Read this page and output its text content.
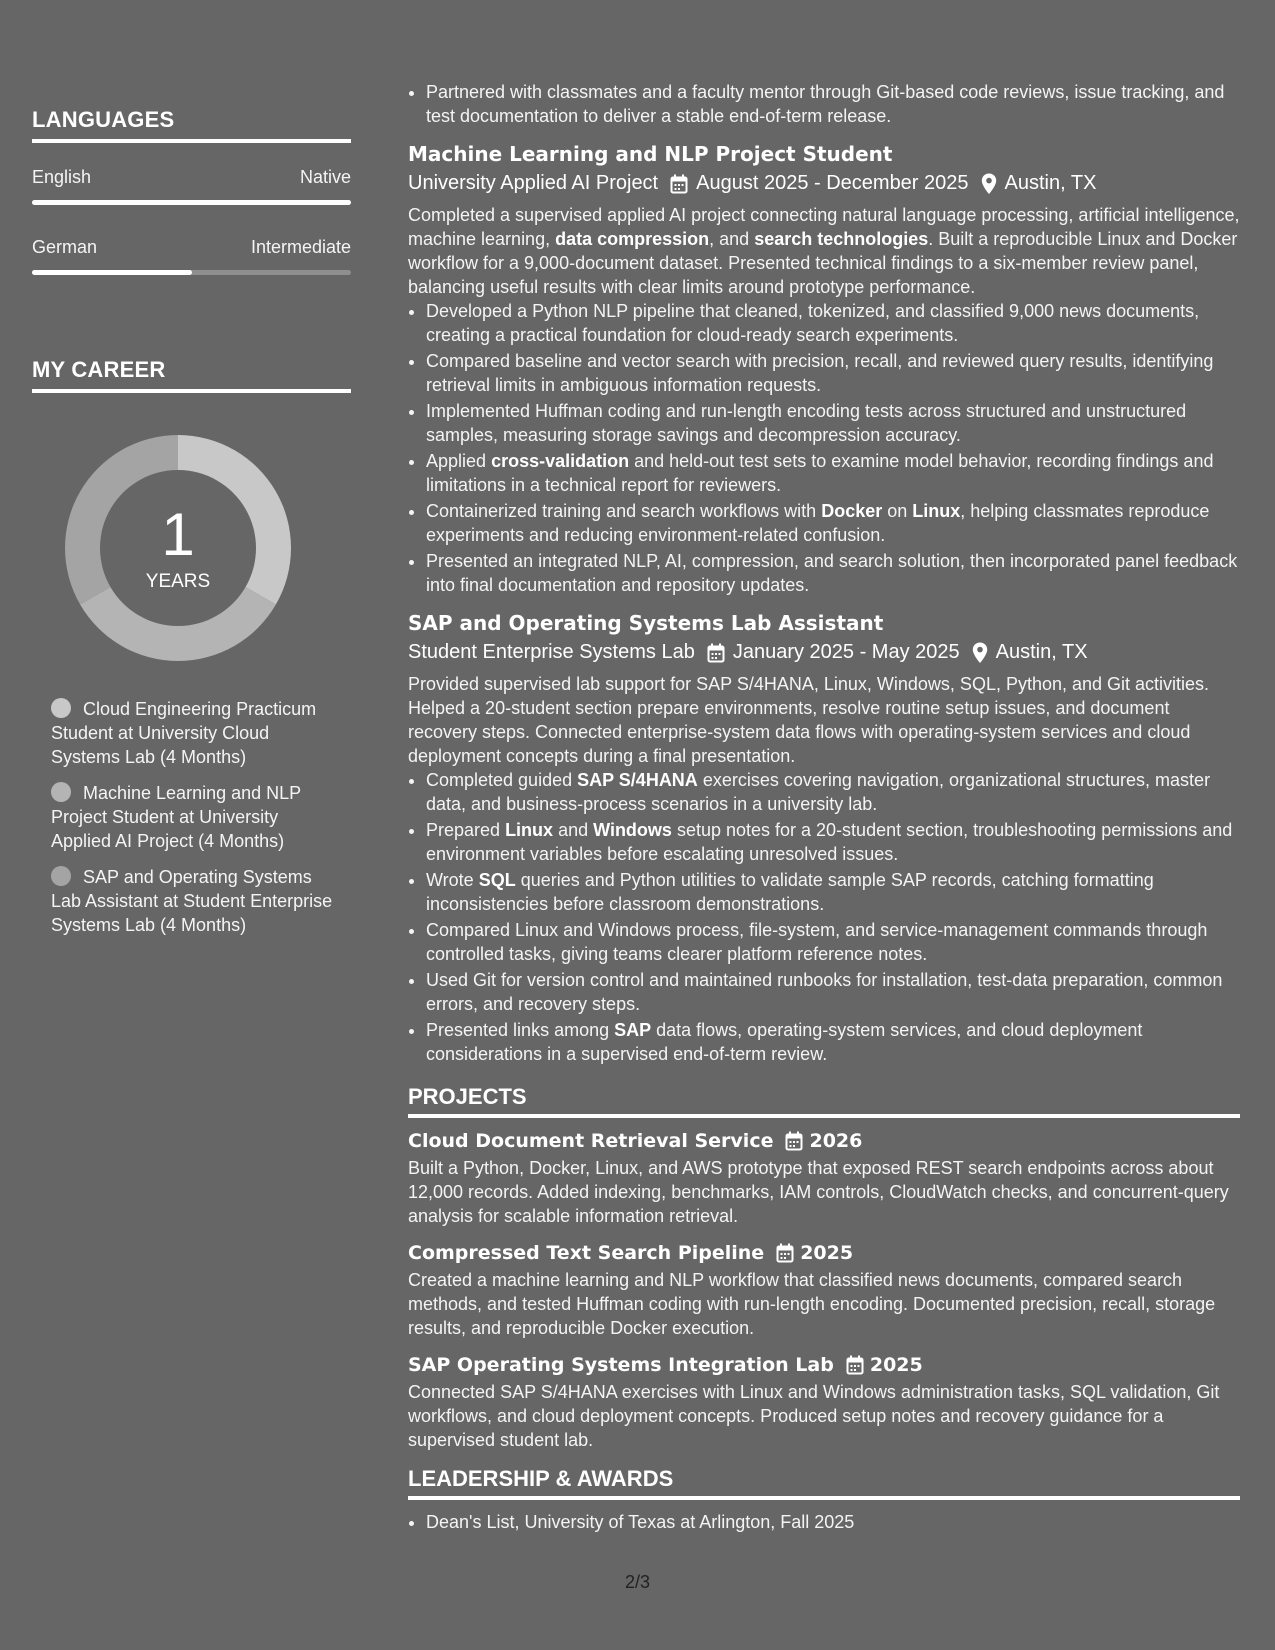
LANGUAGES
English	Native
German	Intermediate
MY CAREER
1
YEARS
Cloud Engineering Practicum Student at University Cloud Systems Lab (4 Months)
Machine Learning and NLP Project Student at University Applied AI Project (4 Months)
SAP and Operating Systems Lab Assistant at Student Enterprise Systems Lab (4 Months)
• Partnered with classmates and a faculty mentor through Git-based code reviews, issue tracking, and test documentation to deliver a stable end-of-term release.
Machine Learning and NLP Project Student
University Applied AI Project August 2025 - December 2025 Austin, TX
Completed a supervised applied AI project connecting natural language processing, artificial intelligence, machine learning, data compression, and search technologies. Built a reproducible Linux and Docker workflow for a 9,000-document dataset. Presented technical findings to a six-member review panel, balancing useful results with clear limits around prototype performance.
• Developed a Python NLP pipeline that cleaned, tokenized, and classified 9,000 news documents, creating a practical foundation for cloud-ready search experiments.
• Compared baseline and vector search with precision, recall, and reviewed query results, identifying retrieval limits in ambiguous information requests.
• Implemented Huffman coding and run-length encoding tests across structured and unstructured samples, measuring storage savings and decompression accuracy.
• Applied cross-validation and held-out test sets to examine model behavior, recording findings and limitations in a technical report for reviewers.
• Containerized training and search workflows with Docker on Linux, helping classmates reproduce experiments and reducing environment-related confusion.
• Presented an integrated NLP, AI, compression, and search solution, then incorporated panel feedback into final documentation and repository updates.
SAP and Operating Systems Lab Assistant
Student Enterprise Systems Lab January 2025 - May 2025 Austin, TX
Provided supervised lab support for SAP S/4HANA, Linux, Windows, SQL, Python, and Git activities. Helped a 20-student section prepare environments, resolve routine setup issues, and document recovery steps. Connected enterprise-system data flows with operating-system services and cloud deployment concepts during a final presentation.
• Completed guided SAP S/4HANA exercises covering navigation, organizational structures, master data, and business-process scenarios in a university lab.
• Prepared Linux and Windows setup notes for a 20-student section, troubleshooting permissions and environment variables before escalating unresolved issues.
• Wrote SQL queries and Python utilities to validate sample SAP records, catching formatting inconsistencies before classroom demonstrations.
• Compared Linux and Windows process, file-system, and service-management commands through controlled tasks, giving teams clearer platform reference notes.
• Used Git for version control and maintained runbooks for installation, test-data preparation, common errors, and recovery steps.
• Presented links among SAP data flows, operating-system services, and cloud deployment considerations in a supervised end-of-term review.
PROJECTS
Cloud Document Retrieval Service 2026
Built a Python, Docker, Linux, and AWS prototype that exposed REST search endpoints across about 12,000 records. Added indexing, benchmarks, IAM controls, CloudWatch checks, and concurrent-query analysis for scalable information retrieval.
Compressed Text Search Pipeline 2025
Created a machine learning and NLP workflow that classified news documents, compared search methods, and tested Huffman coding with run-length encoding. Documented precision, recall, storage results, and reproducible Docker execution.
SAP Operating Systems Integration Lab 2025
Connected SAP S/4HANA exercises with Linux and Windows administration tasks, SQL validation, Git workflows, and cloud deployment concepts. Produced setup notes and recovery guidance for a supervised student lab.
LEADERSHIP & AWARDS
• Dean's List, University of Texas at Arlington, Fall 2025
2/3
